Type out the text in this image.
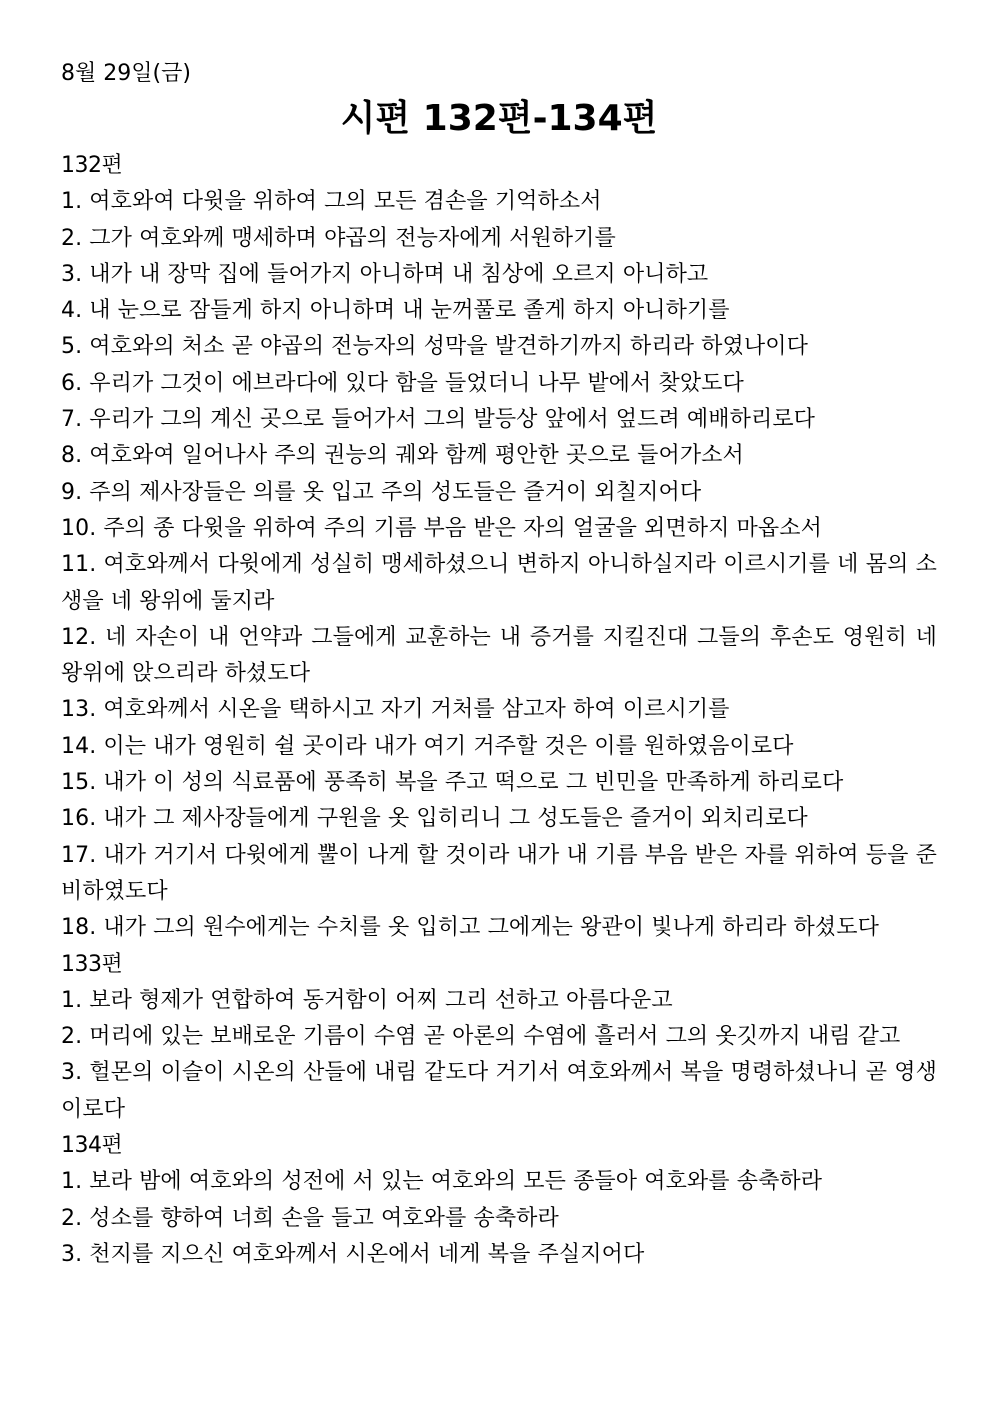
8월 29일(금)

시편 132편-134편

132편

1. 여호와여 다윗을 위하여 그의 모든 겸손을 기억하소서

2. 그가 여호와께 맹세하며 야곱의 전능자에게 서원하기를

3. 내가 내 장막 집에 들어가지 아니하며 내 침상에 오르지 아니하고

4. 내 눈으로 잠들게 하지 아니하며 내 눈꺼풀로 졸게 하지 아니하기를

5. 여호와의 처소 곧 야곱의 전능자의 성막을 발견하기까지 하리라 하였나이다

6. 우리가 그것이 에브라다에 있다 함을 들었더니 나무 밭에서 찾았도다

7. 우리가 그의 계신 곳으로 들어가서 그의 발등상 앞에서 엎드려 예배하리로다

8. 여호와여 일어나사 주의 권능의 궤와 함께 평안한 곳으로 들어가소서

9. 주의 제사장들은 의를 옷 입고 주의 성도들은 즐거이 외칠지어다

10. 주의 종 다윗을 위하여 주의 기름 부음 받은 자의 얼굴을 외면하지 마옵소서

11. 여호와께서 다윗에게 성실히 맹세하셨으니 변하지 아니하실지라 이르시기를 네 몸의 소생을 네 왕위에 둘지라

12. 네 자손이 내 언약과 그들에게 교훈하는 내 증거를 지킬진대 그들의 후손도 영원히 네 왕위에 앉으리라 하셨도다

13. 여호와께서 시온을 택하시고 자기 거처를 삼고자 하여 이르시기를

14. 이는 내가 영원히 쉴 곳이라 내가 여기 거주할 것은 이를 원하였음이로다

15. 내가 이 성의 식료품에 풍족히 복을 주고 떡으로 그 빈민을 만족하게 하리로다

16. 내가 그 제사장들에게 구원을 옷 입히리니 그 성도들은 즐거이 외치리로다

17. 내가 거기서 다윗에게 뿔이 나게 할 것이라 내가 내 기름 부음 받은 자를 위하여 등을 준비하였도다

18. 내가 그의 원수에게는 수치를 옷 입히고 그에게는 왕관이 빛나게 하리라 하셨도다

133편

1. 보라 형제가 연합하여 동거함이 어찌 그리 선하고 아름다운고

2. 머리에 있는 보배로운 기름이 수염 곧 아론의 수염에 흘러서 그의 옷깃까지 내림 같고

3. 헐몬의 이슬이 시온의 산들에 내림 같도다 거기서 여호와께서 복을 명령하셨나니 곧 영생이로다

134편

1. 보라 밤에 여호와의 성전에 서 있는 여호와의 모든 종들아 여호와를 송축하라

2. 성소를 향하여 너희 손을 들고 여호와를 송축하라

3. 천지를 지으신 여호와께서 시온에서 네게 복을 주실지어다
